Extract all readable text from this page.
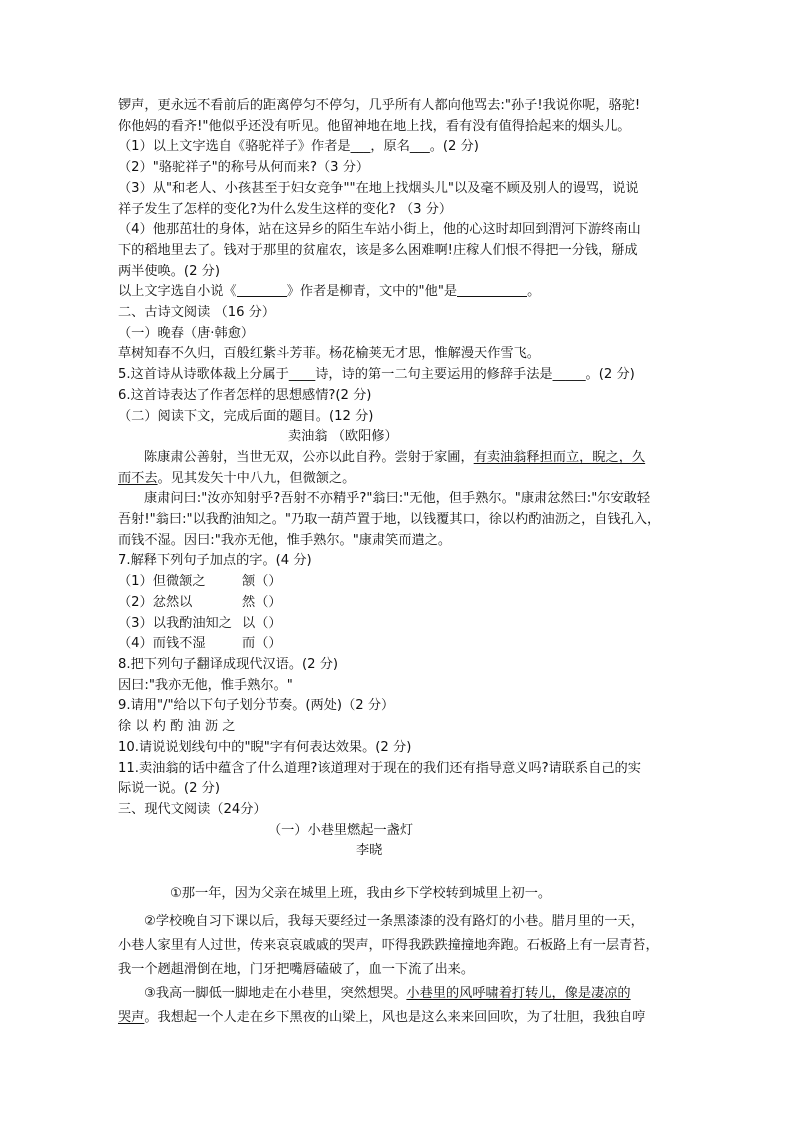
锣声，更永远不看前后的距离停匀不停匀，几乎所有人都向他骂去:"孙子!我说你呢，骆驼!

你他妈的看齐!"他似乎还没有听见。他留神地在地上找，看有没有值得拾起来的烟头儿。

（1）以上文字选自《骆驼祥子》作者是___，原名___。(2 分)

（2）"骆驼祥子"的称号从何而来?（3 分）

（3）从"和老人、小孩甚至于妇女竞争""在地上找烟头儿"以及毫不顾及别人的谩骂，说说

祥子发生了怎样的变化?为什么发生这样的变化? （3 分）

（4）他那茁壮的身体，站在这异乡的陌生车站小街上，他的心这时却回到渭河下游终南山

下的稻地里去了。钱对于那里的贫雇农，该是多么困难啊!庄稼人们恨不得把一分钱，掰成

两半使唤。(2 分)

以上文字选自小说《	》作者是柳青，文中的"他"是	。

二、古诗文阅读 （16 分）

（一）晚春（唐·韩愈）

草树知春不久归，百般红紫斗芳菲。杨花榆荚无才思，惟解漫天作雪飞。

5.这首诗从诗歌体裁上分属于____诗，诗的第一二句主要运用的修辞手法是_____。(2 分)

6.这首诗表达了作者怎样的思想感情?(2 分)

（二）阅读下文，完成后面的题目。(12 分)

卖油翁 （欧阳修）

陈康肃公善射，当世无双，公亦以此自矜。尝射于家圃，有卖油翁释担而立，睨之，久

而不去。见其发矢十中八九，但微颔之。

康肃问曰:"汝亦知射乎?吾射不亦精乎?"翁曰:"无他，但手熟尔。"康肃忿然曰:"尔安敢轻

吾射!"翁曰:"以我酌油知之。"乃取一葫芦置于地，以钱覆其口，徐以杓酌油沥之，自钱孔入，

而钱不湿。因曰:"我亦无他，惟手熟尔。"康肃笑而遣之。

7.解释下列句子加点的字。(4 分)

（1）但微颔之	颔（）

（2）忿然以	然（）

（3）以我酌油知之 以（）

（4）而钱不湿	而（）

8.把下列句子翻译成现代汉语。(2 分)

因曰:"我亦无他，惟手熟尔。"

9.请用"/"给以下句子划分节奏。(两处)（2 分）

徐 以 杓 酌 油 沥 之

10.请说说划线句中的"睨"字有何表达效果。(2 分)

11.卖油翁的话中蕴含了什么道理?该道理对于现在的我们还有指导意义吗?请联系自己的实

际说一说。(2 分)

三、现代文阅读（24分）

（一）小巷里燃起一盏灯

李晓

①那一年，因为父亲在城里上班，我由乡下学校转到城里上初一。

②学校晚自习下课以后，我每天要经过一条黑漆漆的没有路灯的小巷。腊月里的一天，

小巷人家里有人过世，传来哀哀戚戚的哭声，吓得我跌跌撞撞地奔跑。石板路上有一层青苔，

我一个趔趄滑倒在地，门牙把嘴唇磕破了，血一下流了出来。

③我高一脚低一脚地走在小巷里，突然想哭。小巷里的风呼啸着打转儿，像是凄凉的

哭声。我想起一个人走在乡下黑夜的山梁上，风也是这么来来回回吹，为了壮胆，我独自哼
